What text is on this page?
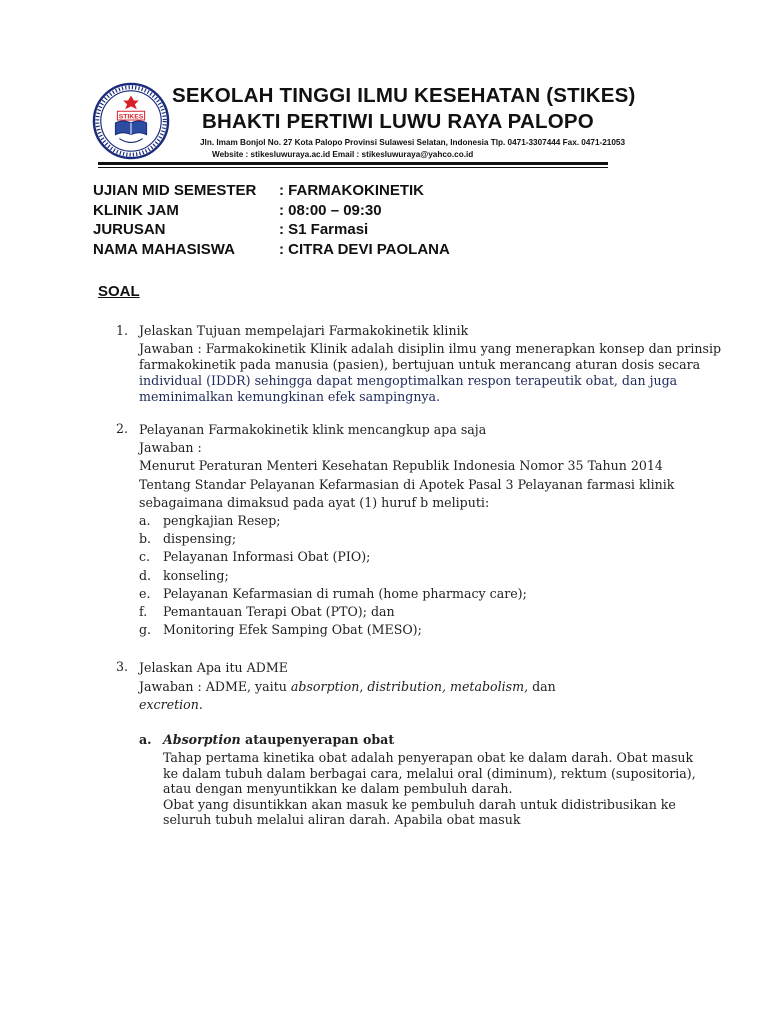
STIKES
SEKOLAH TINGGI ILMU KESEHATAN (STIKES)
BHAKTI PERTIWI LUWU RAYA PALOPO
Jln. Imam Bonjol No. 27 Kota Palopo Provinsi Sulawesi Selatan, Indonesia Tlp. 0471-3307444 Fax. 0471-21053
Website : stikesluwuraya.ac.id Email : stikesluwuraya@yahco.co.id
UJIAN MID SEMESTER : FARMAKOKINETIK
KLINIK JAM	: 08:00 – 09:30
JURUSAN	: S1 Farmasi
NAMA MAHASISWA	: CITRA DEVI PAOLANA
SOAL
1. Jelaskan Tujuan mempelajari Farmakokinetik klinik
Jawaban : Farmakokinetik Klinik adalah disiplin ilmu yang menerapkan konsep dan prinsip
farmakokinetik pada manusia (pasien), bertujuan untuk merancang aturan dosis secara
individual (IDDR) sehingga dapat mengoptimalkan respon terapeutik obat, dan juga
meminimalkan kemungkinan efek sampingnya.
2. Pelayanan Farmakokinetik klink mencangkup apa saja
Jawaban :
Menurut Peraturan Menteri Kesehatan Republik Indonesia Nomor 35 Tahun 2014
Tentang Standar Pelayanan Kefarmasian di Apotek Pasal 3 Pelayanan farmasi klinik
sebagaimana dimaksud pada ayat (1) huruf b meliputi:
a. pengkajian Resep;
b. dispensing;
c. Pelayanan Informasi Obat (PIO);
d. konseling;
e. Pelayanan Kefarmasian di rumah (home pharmacy care);
f. Pemantauan Terapi Obat (PTO); dan
g. Monitoring Efek Samping Obat (MESO);
3. Jelaskan Apa itu ADME
Jawaban : ADME, yaitu absorption, distribution, metabolism, dan
excretion.
a. Absorption ataupenyerapan obat
Tahap pertama kinetika obat adalah penyerapan obat ke dalam darah. Obat masuk
ke dalam tubuh dalam berbagai cara, melalui oral (diminum), rektum (supositoria),
atau dengan menyuntikkan ke dalam pembuluh darah.
Obat yang disuntikkan akan masuk ke pembuluh darah untuk didistribusikan ke
seluruh tubuh melalui aliran darah. Apabila obat masuk
